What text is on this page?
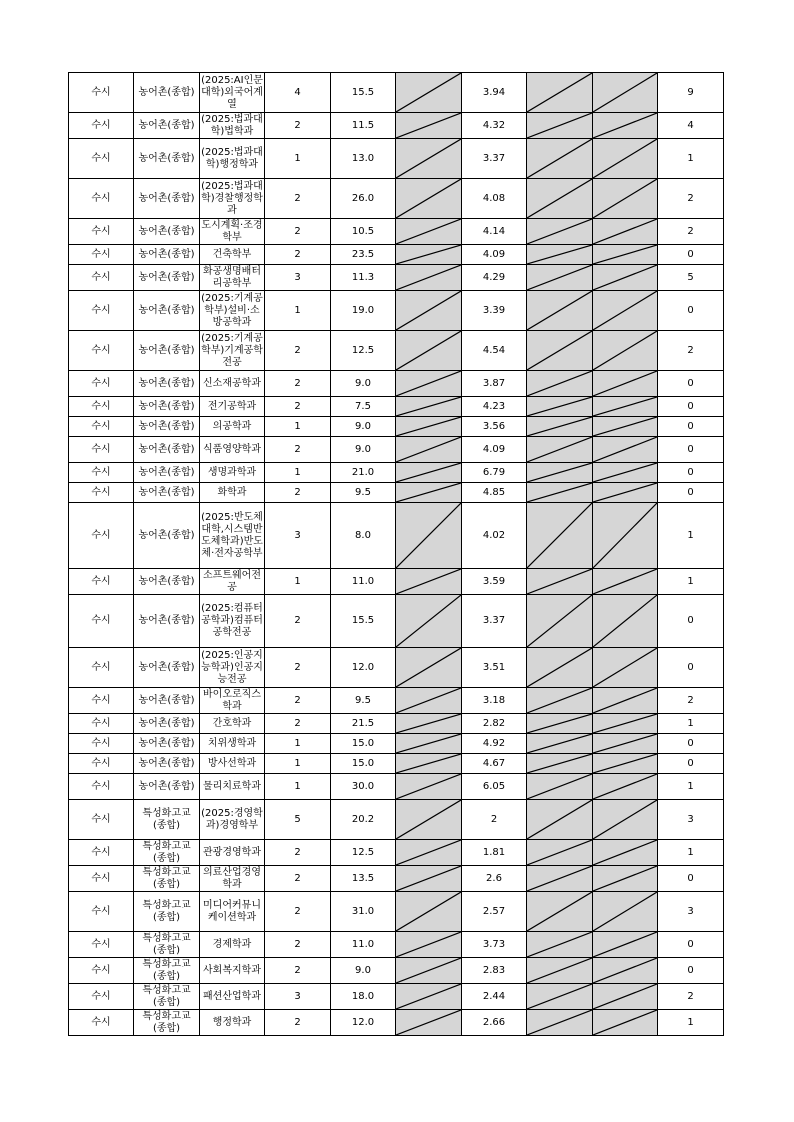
수시	농어촌(종합)	(2025:AI인문대학)외국어계열	4	15.5		3.94			9
수시	농어촌(종합)	(2025:법과대학)법학과	2	11.5		4.32			4
수시	농어촌(종합)	(2025:법과대학)행정학과	1	13.0		3.37			1
수시	농어촌(종합)	(2025:법과대학)경찰행정학과	2	26.0		4.08			2
수시	농어촌(종합)	도시계획·조경학부	2	10.5		4.14			2
수시	농어촌(종합)	건축학부	2	23.5		4.09			0
수시	농어촌(종합)	화공생명배터리공학부	3	11.3		4.29			5
수시	농어촌(종합)	(2025:기계공학부)설비·소방공학과	1	19.0		3.39			0
수시	농어촌(종합)	(2025:기계공학부)기계공학전공	2	12.5		4.54			2
수시	농어촌(종합)	신소재공학과	2	9.0		3.87			0
수시	농어촌(종합)	전기공학과	2	7.5		4.23			0
수시	농어촌(종합)	의공학과	1	9.0		3.56			0
수시	농어촌(종합)	식품영양학과	2	9.0		4.09			0
수시	농어촌(종합)	생명과학과	1	21.0		6.79			0
수시	농어촌(종합)	화학과	2	9.5		4.85			0
수시	농어촌(종합)	(2025:반도체대학,시스템반도체학과)반도체·전자공학부	3	8.0		4.02			1
수시	농어촌(종합)	소프트웨어전공	1	11.0		3.59			1
수시	농어촌(종합)	(2025:컴퓨터공학과)컴퓨터공학전공	2	15.5		3.37			0
수시	농어촌(종합)	(2025:인공지능학과)인공지능전공	2	12.0		3.51			0
수시	농어촌(종합)	바이오로직스학과	2	9.5		3.18			2
수시	농어촌(종합)	간호학과	2	21.5		2.82			1
수시	농어촌(종합)	치위생학과	1	15.0		4.92			0
수시	농어촌(종합)	방사선학과	1	15.0		4.67			0
수시	농어촌(종합)	물리치료학과	1	30.0		6.05			1
수시	특성화고교(종합)	(2025:경영학과)경영학부	5	20.2		2			3
수시	특성화고교(종합)	관광경영학과	2	12.5		1.81			1
수시	특성화고교(종합)	의료산업경영학과	2	13.5		2.6			0
수시	특성화고교(종합)	미디어커뮤니케이션학과	2	31.0		2.57			3
수시	특성화고교(종합)	경제학과	2	11.0		3.73			0
수시	특성화고교(종합)	사회복지학과	2	9.0		2.83			0
수시	특성화고교(종합)	패션산업학과	3	18.0		2.44			2
수시	특성화고교(종합)	행정학과	2	12.0		2.66			1
